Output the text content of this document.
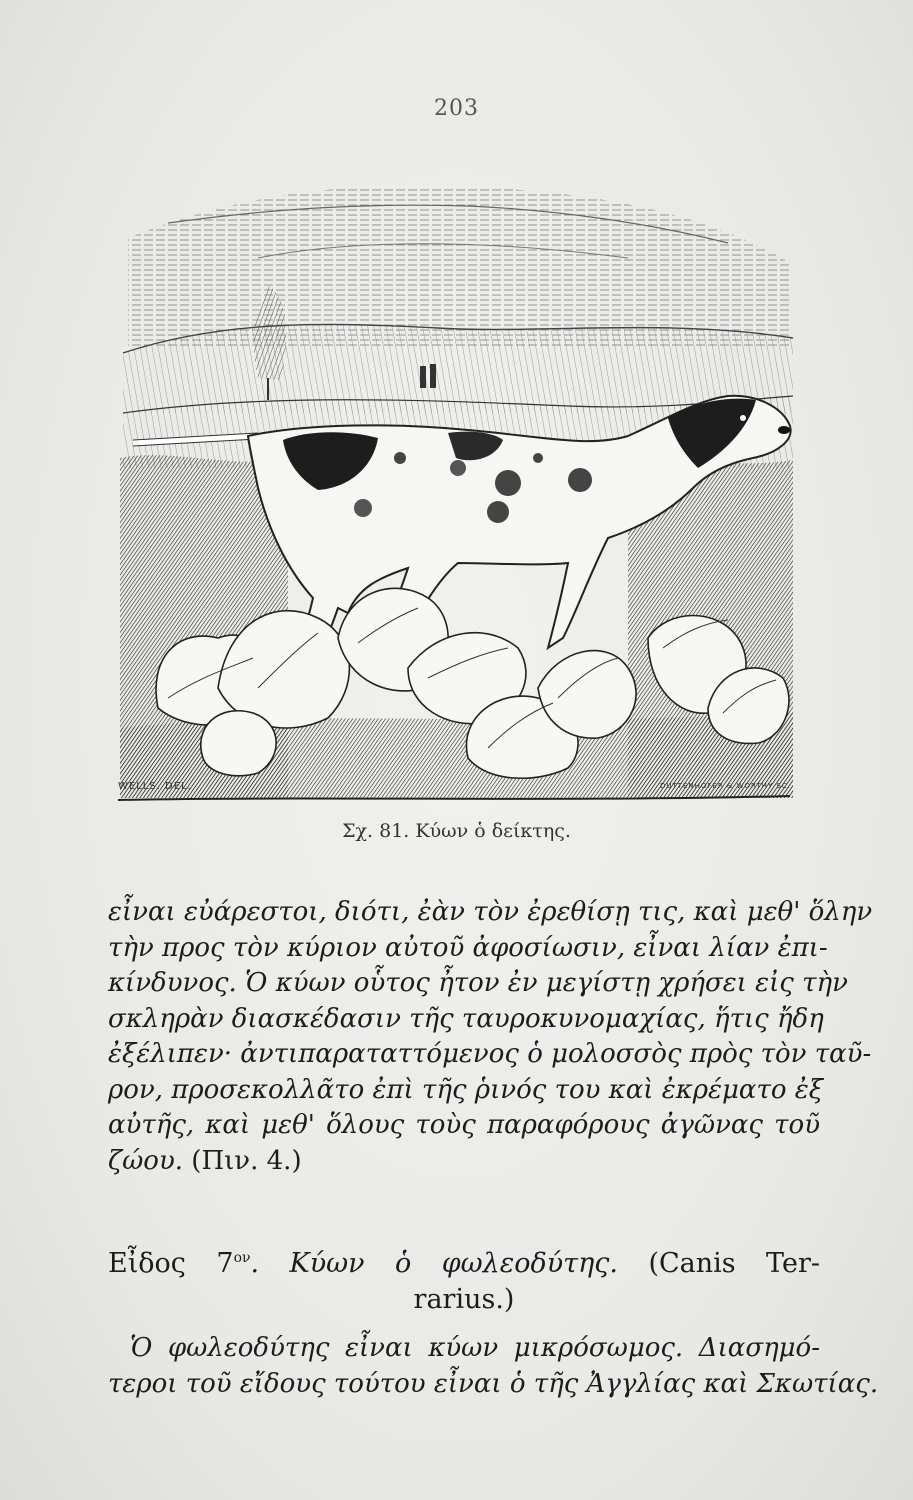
203
WELLS. DEL.	DUTTENHOFER & WORTHY SC.
Σχ. 81. Κύων ὁ δείκτης.

εἶναι εὐάρεστοι, διότι, ἐὰν τὸν ἐρεθίσῃ τις, καὶ μεθ' ὅλην
τὴν προς τὸν κύριον αὐτοῦ ἀφοσίωσιν, εἶναι λίαν ἐπι-
κίνδυνος. Ὁ κύων οὗτος ἦτον ἐν μεγίστῃ χρήσει εἰς τὴν
σκληρὰν διασκέδασιν τῆς ταυροκυνομαχίας, ἥτις ἤδη
ἐξέλιπεν· ἀντιπαραταττόμενος ὁ μολοσσὸς πρὸς τὸν ταῦ-
ρον, προσεκολλᾶτο ἐπὶ τῆς ῥινός του καὶ ἐκρέματο ἐξ
αὐτῆς, καὶ μεθ' ὅλους τοὺς παραφόρους ἀγῶνας τοῦ
ζώου. (Πιν. 4.)

Εἶδος $7^{o\nu}$. Κύων ὁ φωλεοδύτης. (Canis Ter-
rarius.)

Ὁ φωλεοδύτης εἶναι κύων μικρόσωμος. Διασημό-
τεροι τοῦ εἴδους τούτου εἶναι ὁ τῆς Ἀγγλίας καὶ Σκωτίας.
